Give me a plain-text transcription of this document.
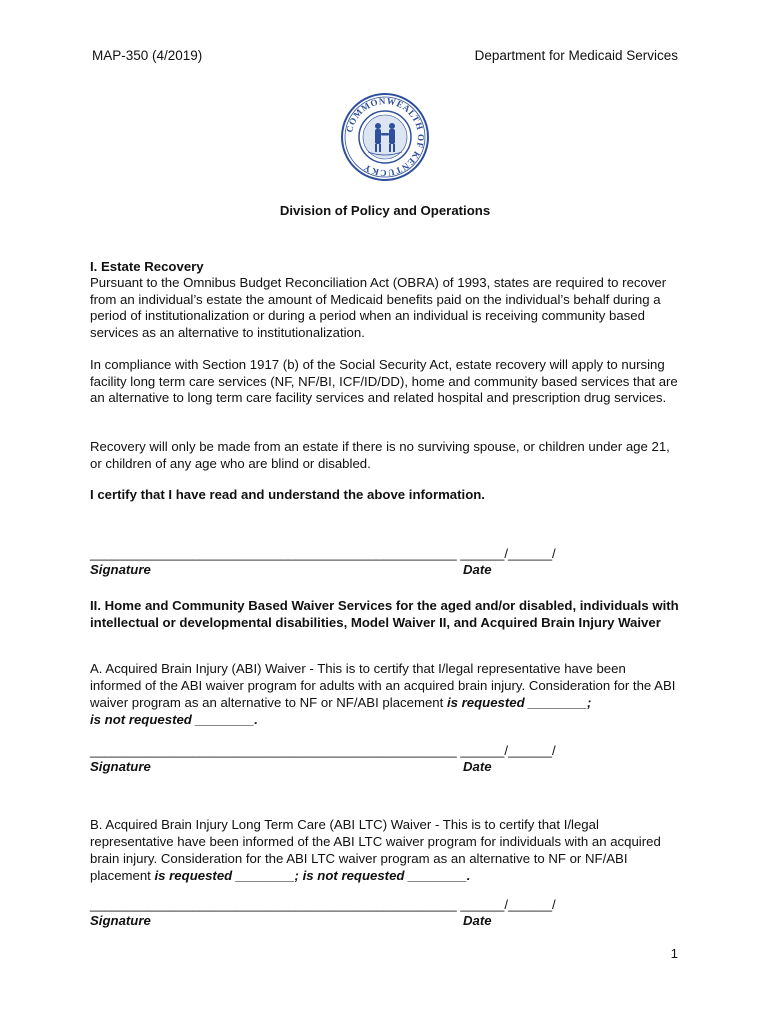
MAP-350 (4/2019)	Department for Medicaid Services
COMMONWEALTH OF KENTUCKY
Division of Policy and Operations
I. Estate Recovery
Pursuant to the Omnibus Budget Reconciliation Act (OBRA) of 1993, states are required to recover from an individual’s estate the amount of Medicaid benefits paid on the individual’s behalf during a period of institutionalization or during a period when an individual is receiving community based services as an alternative to institutionalization.
In compliance with Section 1917 (b) of the Social Security Act, estate recovery will apply to nursing facility long term care services (NF, NF/BI, ICF/ID/DD), home and community based services that are an alternative to long term care facility services and related hospital and prescription drug services.
Recovery will only be made from an estate if there is no surviving spouse, or children under age 21, or children of any age who are blind or disabled.
I certify that I have read and understand the above information.
__________________________________________________ ______/______/
Signature	Date
II. Home and Community Based Waiver Services for the aged and/or disabled, individuals with intellectual or developmental disabilities, Model Waiver II, and Acquired Brain Injury Waiver
A. Acquired Brain Injury (ABI) Waiver - This is to certify that I/legal representative have been informed of the ABI waiver program for adults with an acquired brain injury. Consideration for the ABI waiver program as an alternative to NF or NF/ABI placement is requested ________;
is not requested ________.
__________________________________________________ ______/______/
Signature	Date
B. Acquired Brain Injury Long Term Care (ABI LTC) Waiver - This is to certify that I/legal representative have been informed of the ABI LTC waiver program for individuals with an acquired brain injury. Consideration for the ABI LTC waiver program as an alternative to NF or NF/ABI placement is requested ________; is not requested ________.
__________________________________________________ ______/______/
Signature	Date
1
